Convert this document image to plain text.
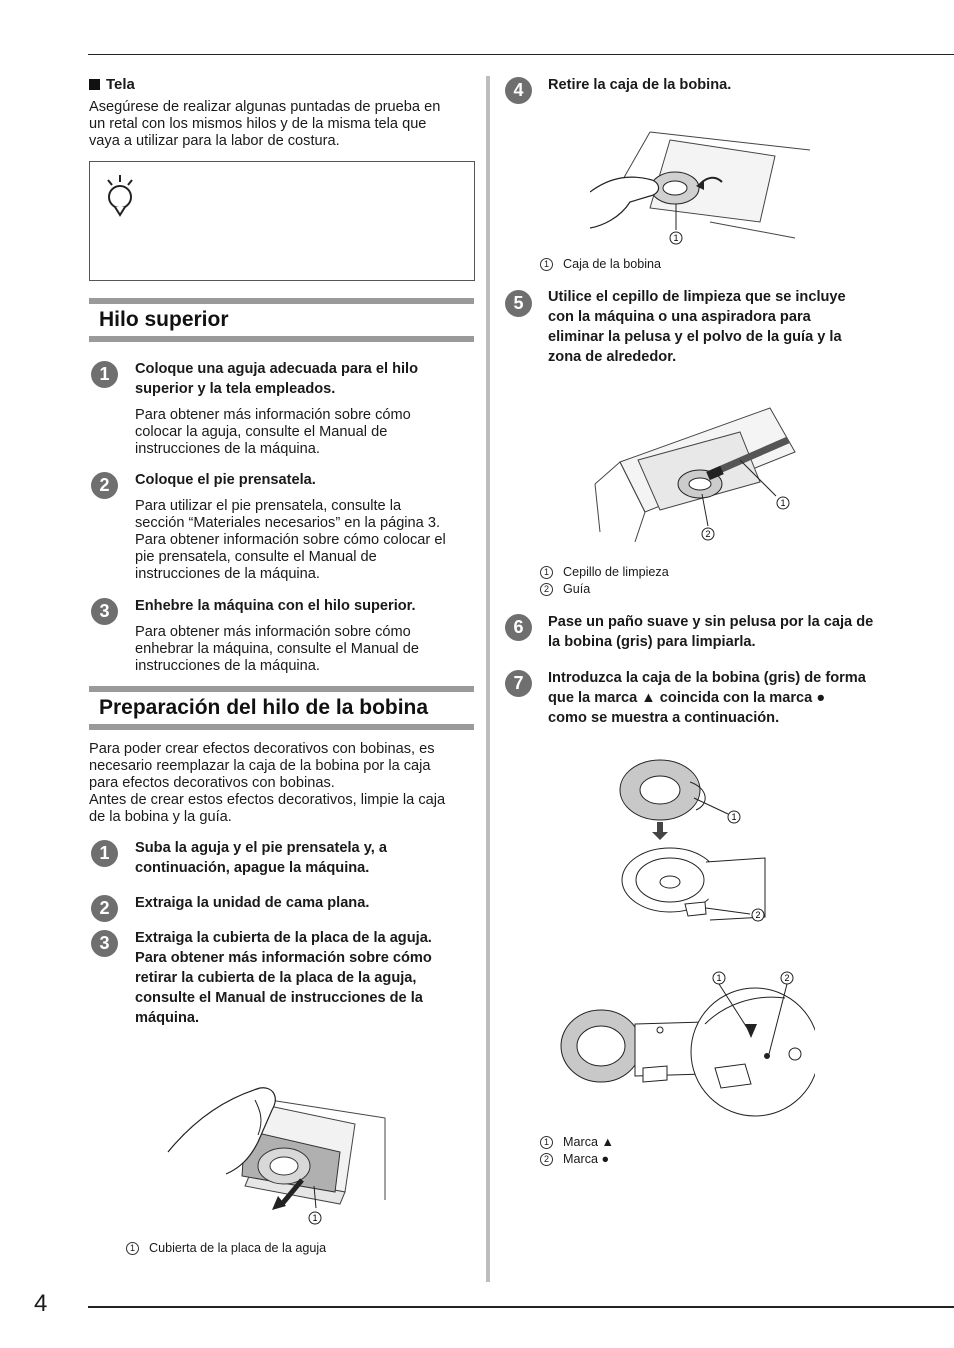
4
Tela
Asegúrese de realizar algunas puntadas de prueba en
un retal con los mismos hilos y de la misma tela que
vaya a utilizar para la labor de costura.
Hilo superior
1	Coloque una aguja adecuada para el hilo
superior y la tela empleados.
Para obtener más información sobre cómo
colocar la aguja, consulte el Manual de
instrucciones de la máquina.
2	Coloque el pie prensatela.
Para utilizar el pie prensatela, consulte la
sección “Materiales necesarios” en la página 3.
Para obtener información sobre cómo colocar el
pie prensatela, consulte el Manual de
instrucciones de la máquina.
3	Enhebre la máquina con el hilo superior.
Para obtener más información sobre cómo
enhebrar la máquina, consulte el Manual de
instrucciones de la máquina.
Preparación del hilo de la bobina
Para poder crear efectos decorativos con bobinas, es
necesario reemplazar la caja de la bobina por la caja
para efectos decorativos con bobinas.
Antes de crear estos efectos decorativos, limpie la caja
de la bobina y la guía.
1	Suba la aguja y el pie prensatela y, a
continuación, apague la máquina.
2	Extraiga la unidad de cama plana.
3	Extraiga la cubierta de la placa de la aguja.
Para obtener más información sobre cómo
retirar la cubierta de la placa de la aguja,
consulte el Manual de instrucciones de la
máquina.
1
1 Cubierta de la placa de la aguja
4	Retire la caja de la bobina.
1
1 Caja de la bobina
5	Utilice el cepillo de limpieza que se incluye
con la máquina o una aspiradora para
eliminar la pelusa y el polvo de la guía y la
zona de alrededor.
1
2
1 Cepillo de limpieza
2 Guía
6	Pase un paño suave y sin pelusa por la caja de
la bobina (gris) para limpiarla.
7	Introduzca la caja de la bobina (gris) de forma
que la marca ▲ coincida con la marca ●
como se muestra a continuación.
1
2
1	2
1 Marca ▲
2 Marca ●
